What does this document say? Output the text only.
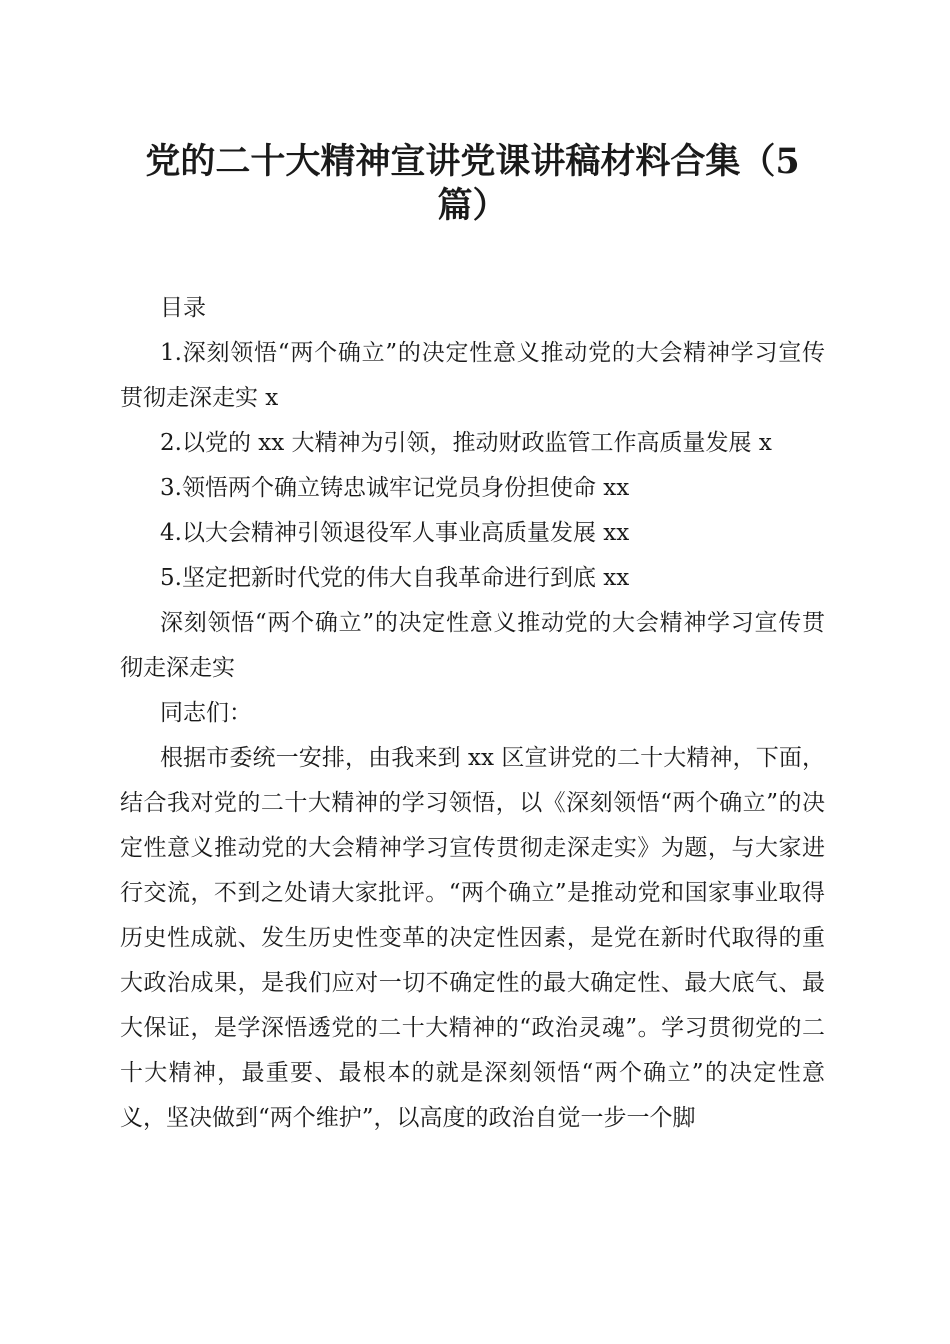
党的二十大精神宣讲党课讲稿材料合集（5篇）

目录

1.深刻领悟“两个确立”的决定性意义推动党的大会精神学习宣传贯彻走深走实 x

2.以党的 xx 大精神为引领，推动财政监管工作高质量发展 x

3.领悟两个确立铸忠诚牢记党员身份担使命 xx

4.以大会精神引领退役军人事业高质量发展 xx

5.坚定把新时代党的伟大自我革命进行到底 xx

深刻领悟“两个确立”的决定性意义推动党的大会精神学习宣传贯彻走深走实

同志们：

根据市委统一安排，由我来到 xx 区宣讲党的二十大精神，下面，结合我对党的二十大精神的学习领悟，以《深刻领悟“两个确立”的决定性意义推动党的大会精神学习宣传贯彻走深走实》为题，与大家进行交流，不到之处请大家批评。“两个确立”是推动党和国家事业取得历史性成就、发生历史性变革的决定性因素，是党在新时代取得的重大政治成果，是我们应对一切不确定性的最大确定性、最大底气、最大保证，是学深悟透党的二十大精神的“政治灵魂”。学习贯彻党的二十大精神，最重要、最根本的就是深刻领悟“两个确立”的决定性意义，坚决做到“两个维护”，以高度的政治自觉一步一个脚
